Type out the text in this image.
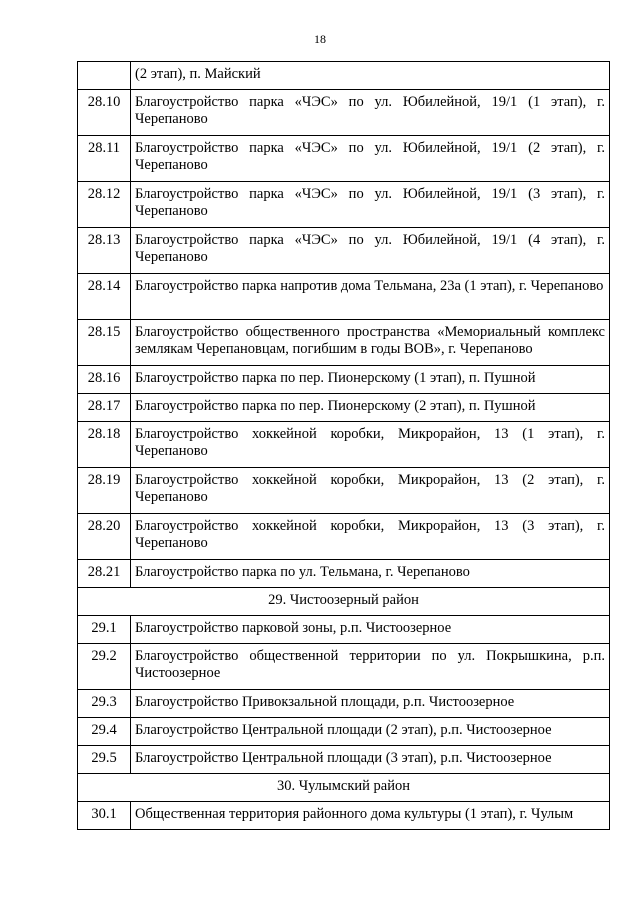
18
	(2 этап), п. Майский
28.10	Благоустройство парка «ЧЭС» по ул. Юбилейной, 19/1 (1 этап), г. Черепаново
28.11	Благоустройство парка «ЧЭС» по ул. Юбилейной, 19/1 (2 этап), г. Черепаново
28.12	Благоустройство парка «ЧЭС» по ул. Юбилейной, 19/1 (3 этап), г. Черепаново
28.13	Благоустройство парка «ЧЭС» по ул. Юбилейной, 19/1 (4 этап), г. Черепаново
28.14	Благоустройство парка напротив дома Тельмана, 23а (1 этап), г. Черепаново
28.15	Благоустройство общественного пространства «Мемориальный комплекс землякам Черепановцам, погибшим в годы ВОВ», г. Черепаново
28.16	Благоустройство парка по пер. Пионерскому (1 этап), п. Пушной
28.17	Благоустройство парка по пер. Пионерскому (2 этап), п. Пушной
28.18	Благоустройство хоккейной коробки, Микрорайон, 13 (1 этап), г. Черепаново
28.19	Благоустройство хоккейной коробки, Микрорайон, 13 (2 этап), г. Черепаново
28.20	Благоустройство хоккейной коробки, Микрорайон, 13 (3 этап), г. Черепаново
28.21	Благоустройство парка по ул. Тельмана, г. Черепаново
29. Чистоозерный район	
29.1	Благоустройство парковой зоны, р.п. Чистоозерное
29.2	Благоустройство общественной территории по ул. Покрышкина, р.п. Чистоозерное
29.3	Благоустройство Привокзальной площади, р.п. Чистоозерное
29.4	Благоустройство Центральной площади (2 этап), р.п. Чистоозерное
29.5	Благоустройство Центральной площади (3 этап), р.п. Чистоозерное
30. Чулымский район	
30.1	Общественная территория районного дома культуры (1 этап), г. Чулым
